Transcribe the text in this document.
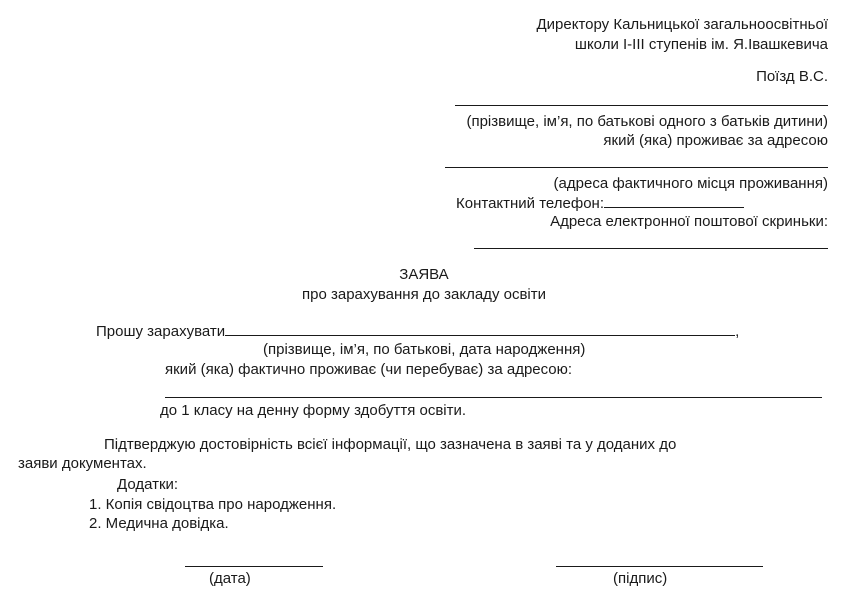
Директору Кальницької загальноосвітньої
школи І-ІІІ ступенів ім. Я.Івашкевича
Поїзд В.С.
(прізвище, ім’я, по батькові одного з батьків дитини)
який (яка) проживає за адресою
(адреса фактичного місця проживання)
Контактний телефон:
Адреса електронної поштової скриньки:
ЗАЯВА
про зарахування до закладу освіти
Прошу зарахувати	,
(прізвище, ім’я, по батькові, дата народження)
який (яка) фактично проживає (чи перебуває) за адресою:
до 1 класу на денну форму здобуття освіти.
Підтверджую достовірність всієї інформації, що зазначена в заяві та у доданих до
заяви документах.
Додатки:
1. Копія свідоцтва про народження.
2. Медична довідка.
(дата)	(підпис)
